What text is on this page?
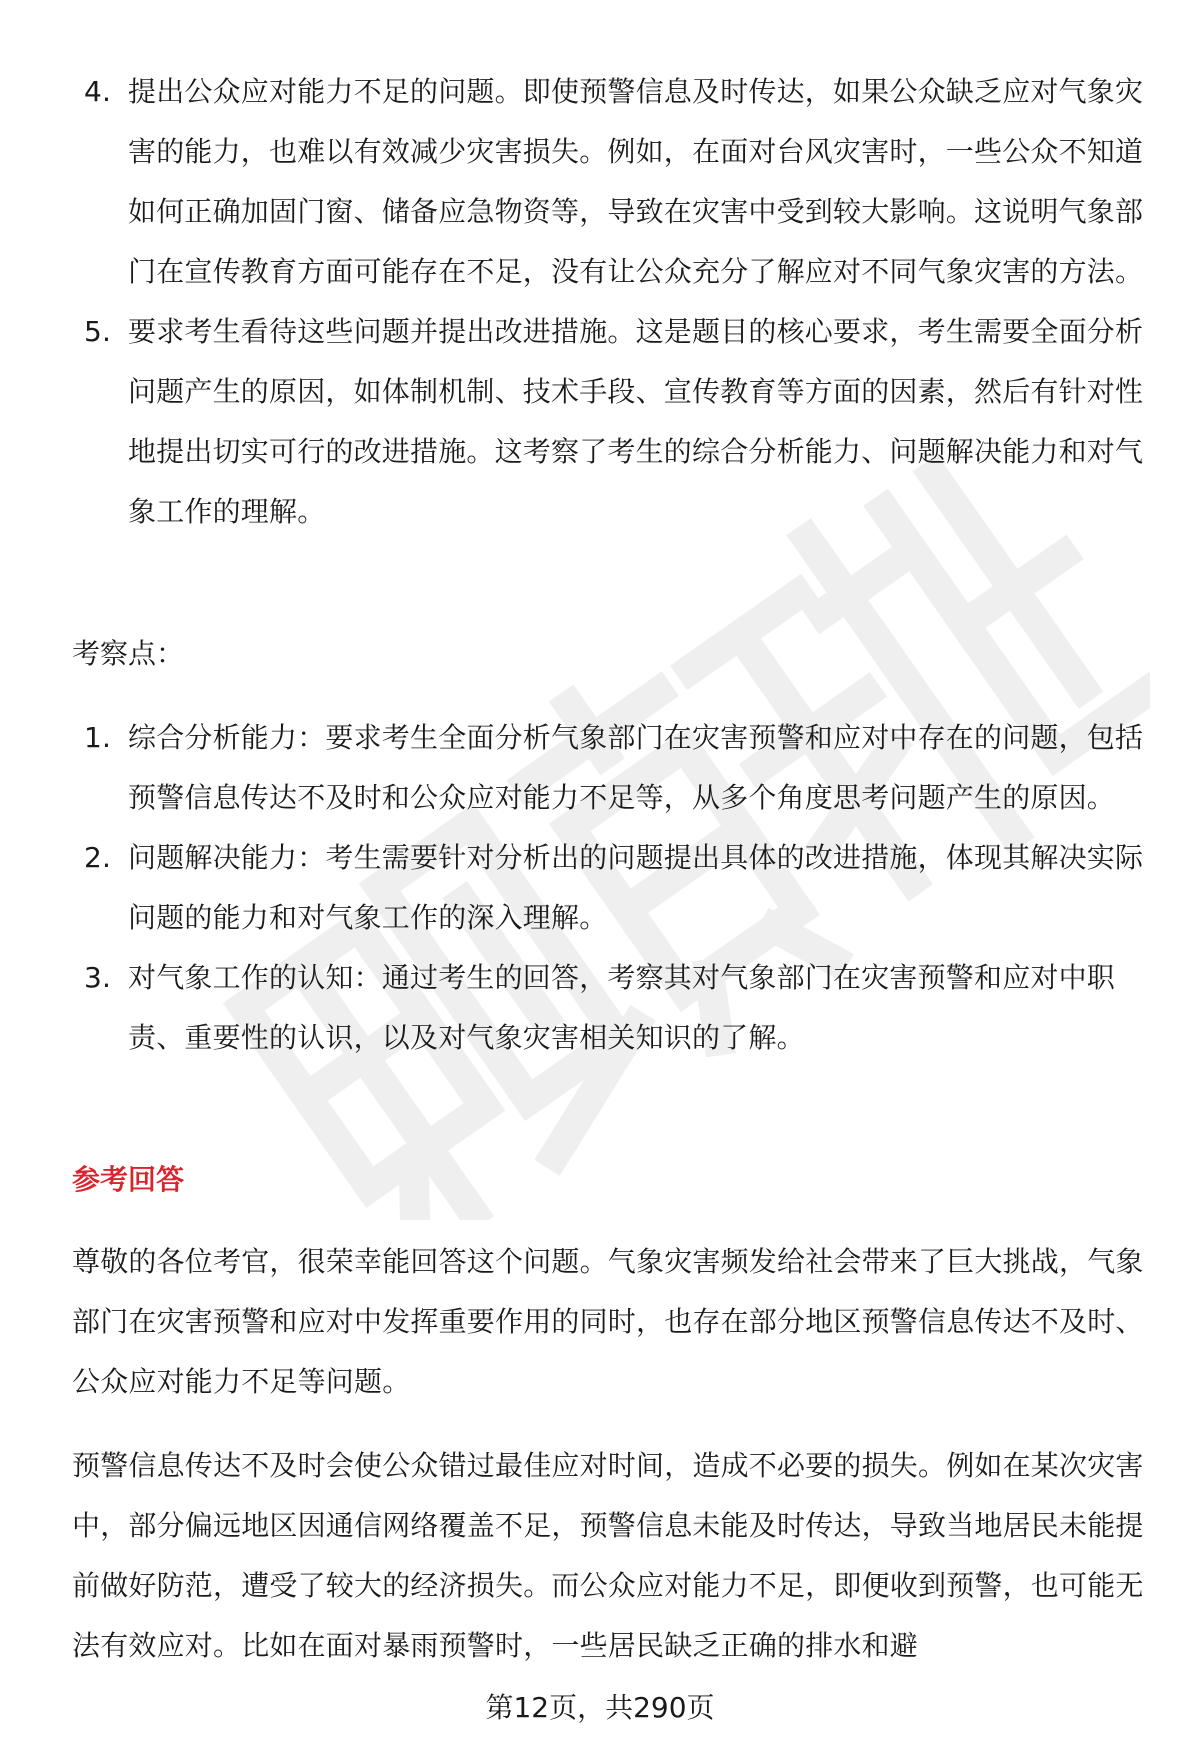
4. 提出公众应对能力不足的问题。即使预警信息及时传达，如果公众缺乏应对气象灾害的能力，也难以有效减少灾害损失。例如，在面对台风灾害时，一些公众不知道如何正确加固门窗、储备应急物资等，导致在灾害中受到较大影响。这说明气象部门在宣传教育方面可能存在不足，没有让公众充分了解应对不同气象灾害的方法。
5. 要求考生看待这些问题并提出改进措施。这是题目的核心要求，考生需要全面分析问题产生的原因，如体制机制、技术手段、宣传教育等方面的因素，然后有针对性地提出切实可行的改进措施。这考察了考生的综合分析能力、问题解决能力和对气象工作的理解。
考察点：
1. 综合分析能力：要求考生全面分析气象部门在灾害预警和应对中存在的问题，包括预警信息传达不及时和公众应对能力不足等，从多个角度思考问题产生的原因。
2. 问题解决能力：考生需要针对分析出的问题提出具体的改进措施，体现其解决实际问题的能力和对气象工作的深入理解。
3. 对气象工作的认知：通过考生的回答，考察其对气象部门在灾害预警和应对中职责、重要性的认识，以及对气象灾害相关知识的了解。
参考回答
尊敬的各位考官，很荣幸能回答这个问题。气象灾害频发给社会带来了巨大挑战，气象部门在灾害预警和应对中发挥重要作用的同时，也存在部分地区预警信息传达不及时、公众应对能力不足等问题。
预警信息传达不及时会使公众错过最佳应对时间，造成不必要的损失。例如在某次灾害中，部分偏远地区因通信网络覆盖不足，预警信息未能及时传达，导致当地居民未能提前做好防范，遭受了较大的经济损失。而公众应对能力不足，即便收到预警，也可能无法有效应对。比如在面对暴雨预警时，一些居民缺乏正确的排水和避
第12页，共290页
